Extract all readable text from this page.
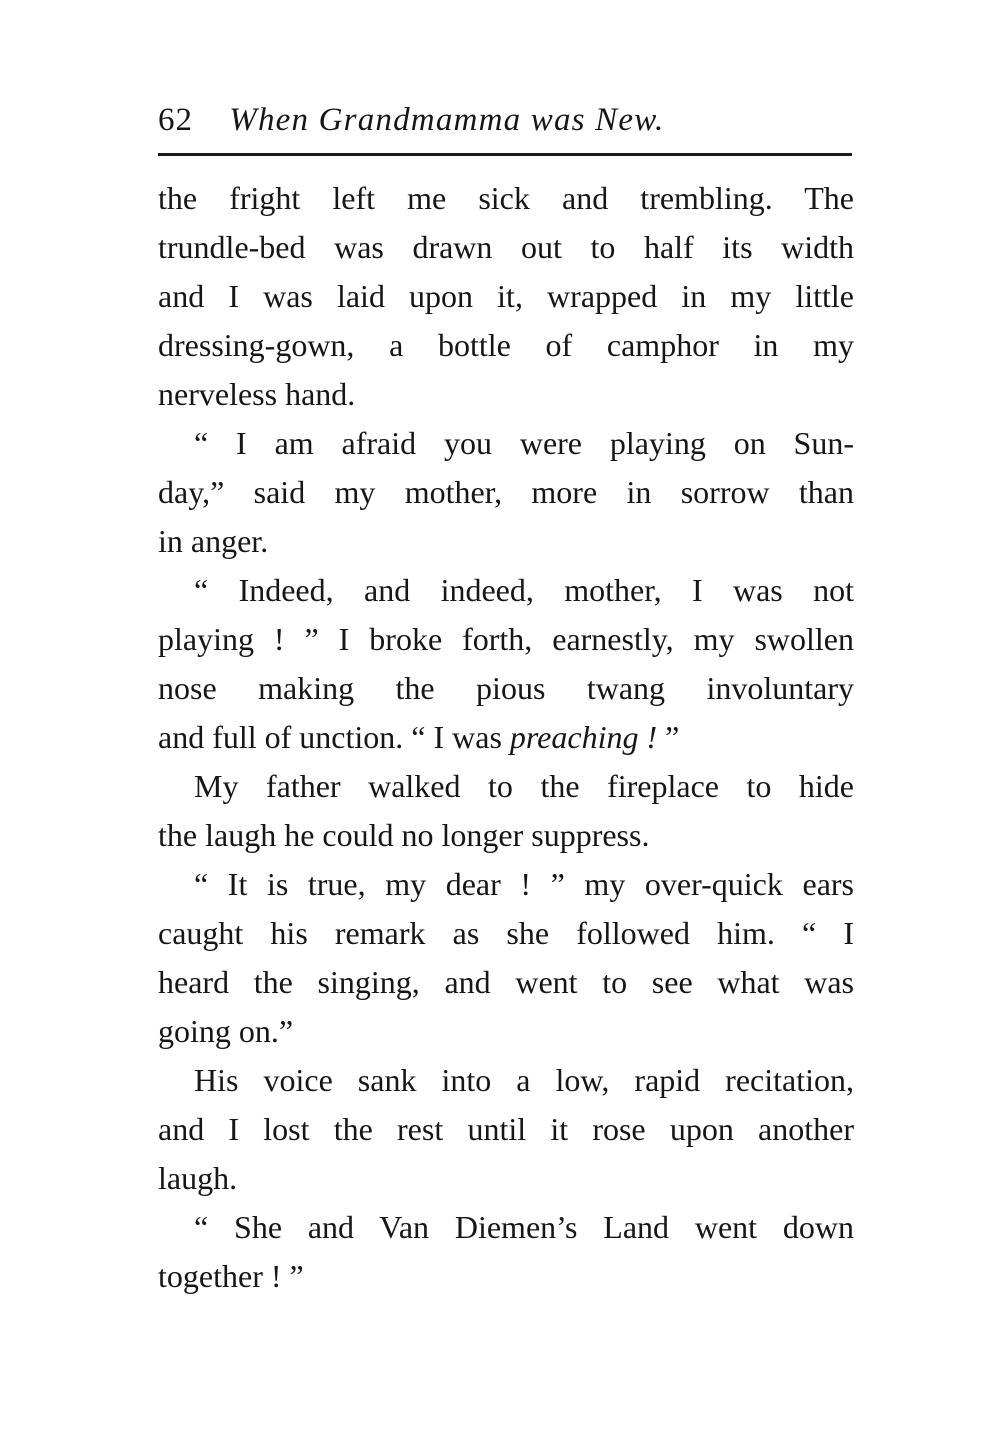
62 When Grandmamma was New.
the fright left me sick and trembling. The
trundle-bed was drawn out to half its width
and I was laid upon it, wrapped in my little
dressing-gown, a bottle of camphor in my
nerveless hand.
“ I am afraid you were playing on Sun-
day,” said my mother, more in sorrow than
in anger.
“ Indeed, and indeed, mother, I was not
playing ! ” I broke forth, earnestly, my swollen
nose making the pious twang involuntary
and full of unction. “ I was preaching ! ”
My father walked to the fireplace to hide
the laugh he could no longer suppress.
“ It is true, my dear ! ” my over-quick ears
caught his remark as she followed him. “ I
heard the singing, and went to see what was
going on.”
His voice sank into a low, rapid recitation,
and I lost the rest until it rose upon another
laugh.
“ She and Van Diemen’s Land went down
together ! ”
